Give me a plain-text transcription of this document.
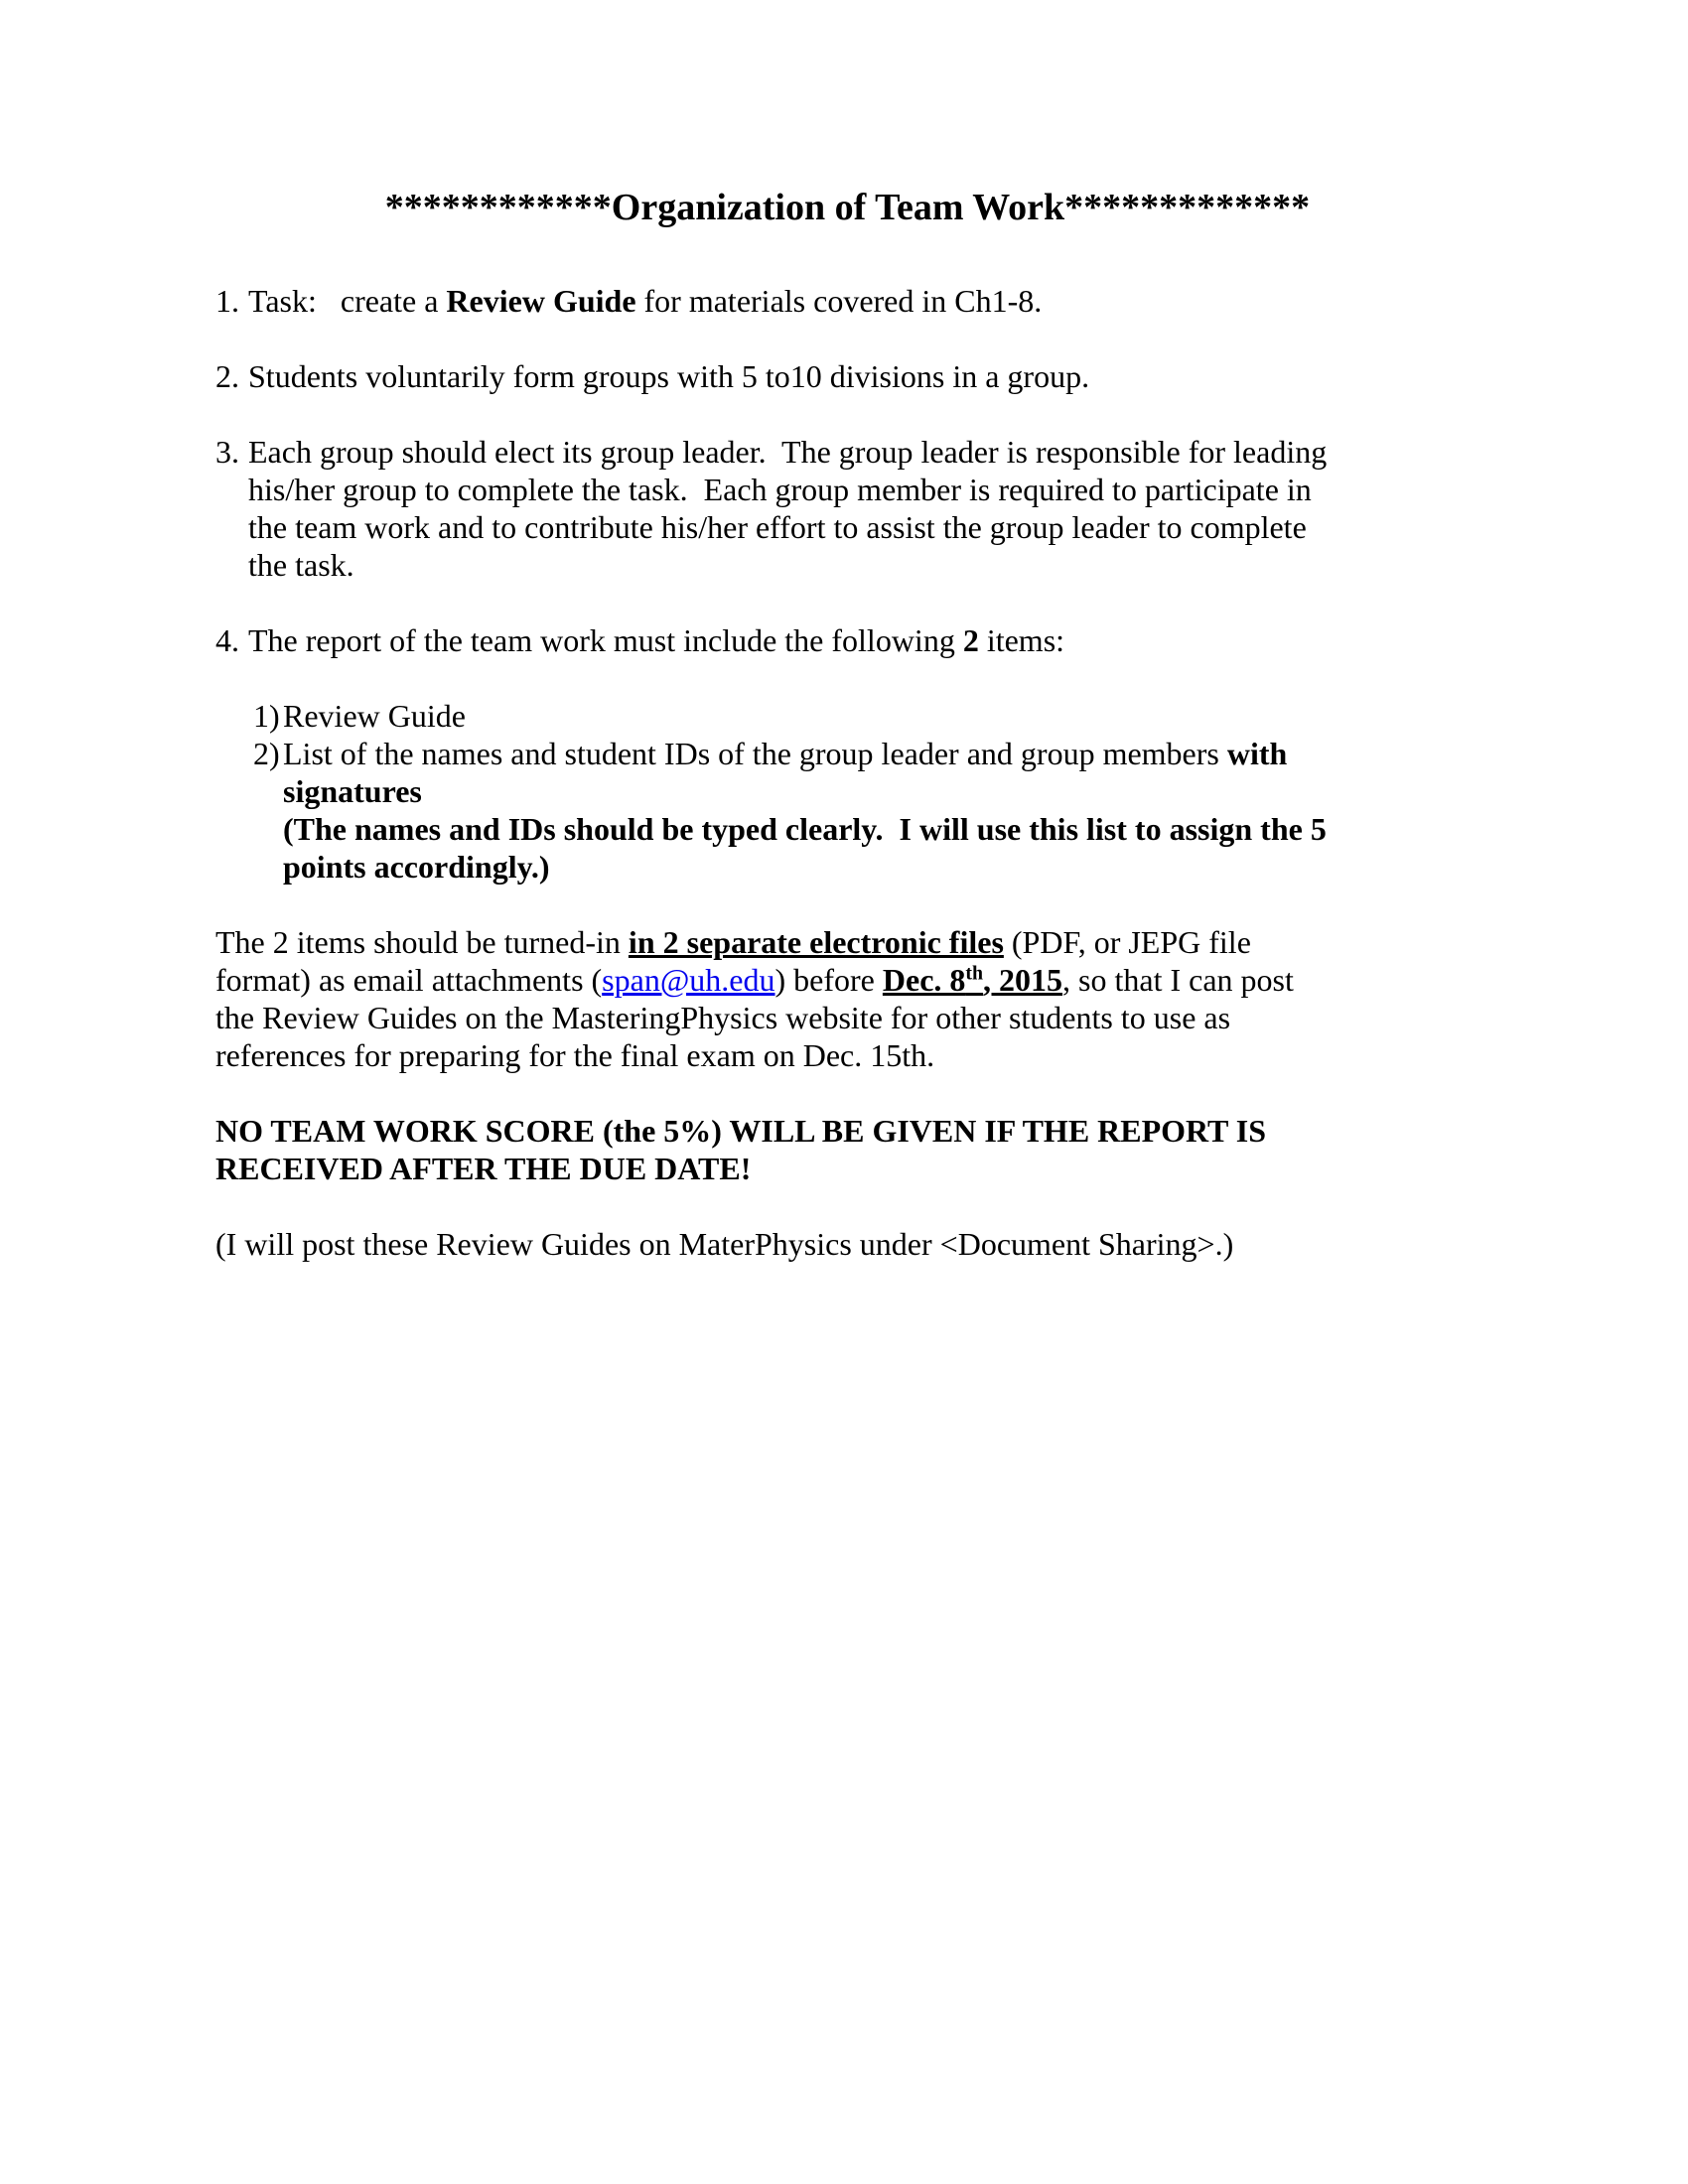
************Organization of Team Work*************
1. Task:   create a Review Guide for materials covered in Ch1-8.
2. Students voluntarily form groups with 5 to10 divisions in a group.
3. Each group should elect its group leader.  The group leader is responsible for leading
his/her group to complete the task.  Each group member is required to participate in
the team work and to contribute his/her effort to assist the group leader to complete
the task.
4. The report of the team work must include the following 2 items:
1) Review Guide
2) List of the names and student IDs of the group leader and group members with
signatures
(The names and IDs should be typed clearly.  I will use this list to assign the 5
points accordingly.)
The 2 items should be turned-in in 2 separate electronic files (PDF, or JEPG file
format) as email attachments (span@uh.edu) before Dec. 8th, 2015, so that I can post
the Review Guides on the MasteringPhysics website for other students to use as
references for preparing for the final exam on Dec. 15th.
NO TEAM WORK SCORE (the 5%) WILL BE GIVEN IF THE REPORT IS
RECEIVED AFTER THE DUE DATE!
(I will post these Review Guides on MaterPhysics under <Document Sharing>.)
